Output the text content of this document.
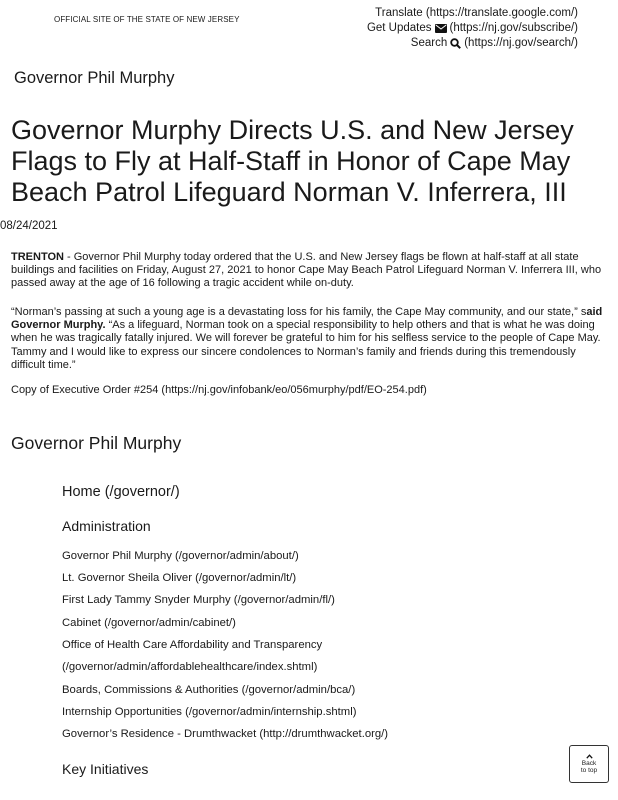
OFFICIAL SITE OF THE STATE OF NEW JERSEY
Translate (https://translate.google.com/)
Get Updates (https://nj.gov/subscribe/)
Search (https://nj.gov/search/)
Governor Phil Murphy
Governor Murphy Directs U.S. and New Jersey Flags to Fly at Half-Staff in Honor of Cape May Beach Patrol Lifeguard Norman V. Inferrera, III
08/24/2021

TRENTON - Governor Phil Murphy today ordered that the U.S. and New Jersey flags be flown at half-staff at all state buildings and facilities on Friday, August 27, 2021 to honor Cape May Beach Patrol Lifeguard Norman V. Inferrera III, who passed away at the age of 16 following a tragic accident while on-duty.

“Norman’s passing at such a young age is a devastating loss for his family, the Cape May community, and our state,” said Governor Murphy. “As a lifeguard, Norman took on a special responsibility to help others and that is what he was doing when he was tragically fatally injured. We will forever be grateful to him for his selfless service to the people of Cape May. Tammy and I would like to express our sincere condolences to Norman’s family and friends during this tremendously difficult time.”

Copy of Executive Order #254 (https://nj.gov/infobank/eo/056murphy/pdf/EO-254.pdf)

Governor Phil Murphy
Home (/governor/)
Administration
Governor Phil Murphy (/governor/admin/about/)
Lt. Governor Sheila Oliver (/governor/admin/lt/)
First Lady Tammy Snyder Murphy (/governor/admin/fl/)
Cabinet (/governor/admin/cabinet/)
Office of Health Care Affordability and Transparency
(/governor/admin/affordablehealthcare/index.shtml)
Boards, Commissions & Authorities (/governor/admin/bca/)
Internship Opportunities (/governor/admin/internship.shtml)
Governor’s Residence - Drumthwacket (http://drumthwacket.org/)
Key Initiatives	Back
to top
